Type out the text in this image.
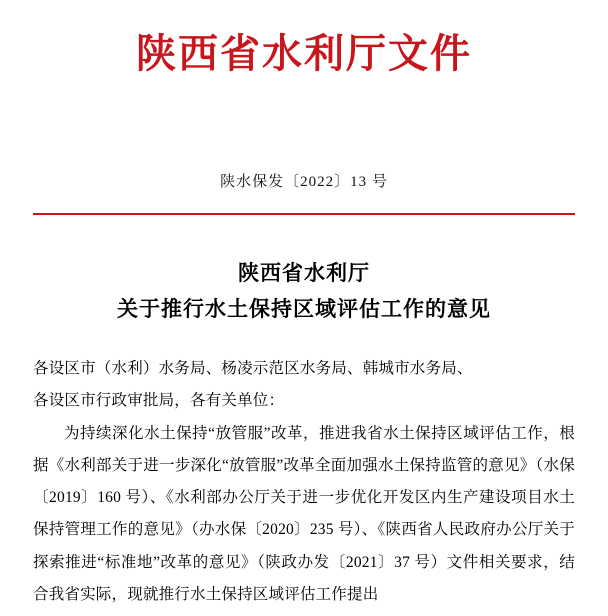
陕西省水利厅文件
陕水保发〔2022〕13 号
陕西省水利厅
关于推行水土保持区域评估工作的意见

各设区市（水利）水务局、杨凌示范区水务局、韩城市水务局、

各设区市行政审批局，各有关单位：

为持续深化水土保持“放管服”改革，推进我省水土保持区域评估工作，根据《水利部关于进一步深化“放管服”改革全面加强水土保持监管的意见》（水保〔2019〕160 号）、《水利部办公厅关于进一步优化开发区内生产建设项目水土保持管理工作的意见》（办水保〔2020〕235 号）、《陕西省人民政府办公厅关于探索推进“标准地”改革的意见》（陕政办发〔2021〕37 号）文件相关要求，结合我省实际，现就推行水土保持区域评估工作提出
